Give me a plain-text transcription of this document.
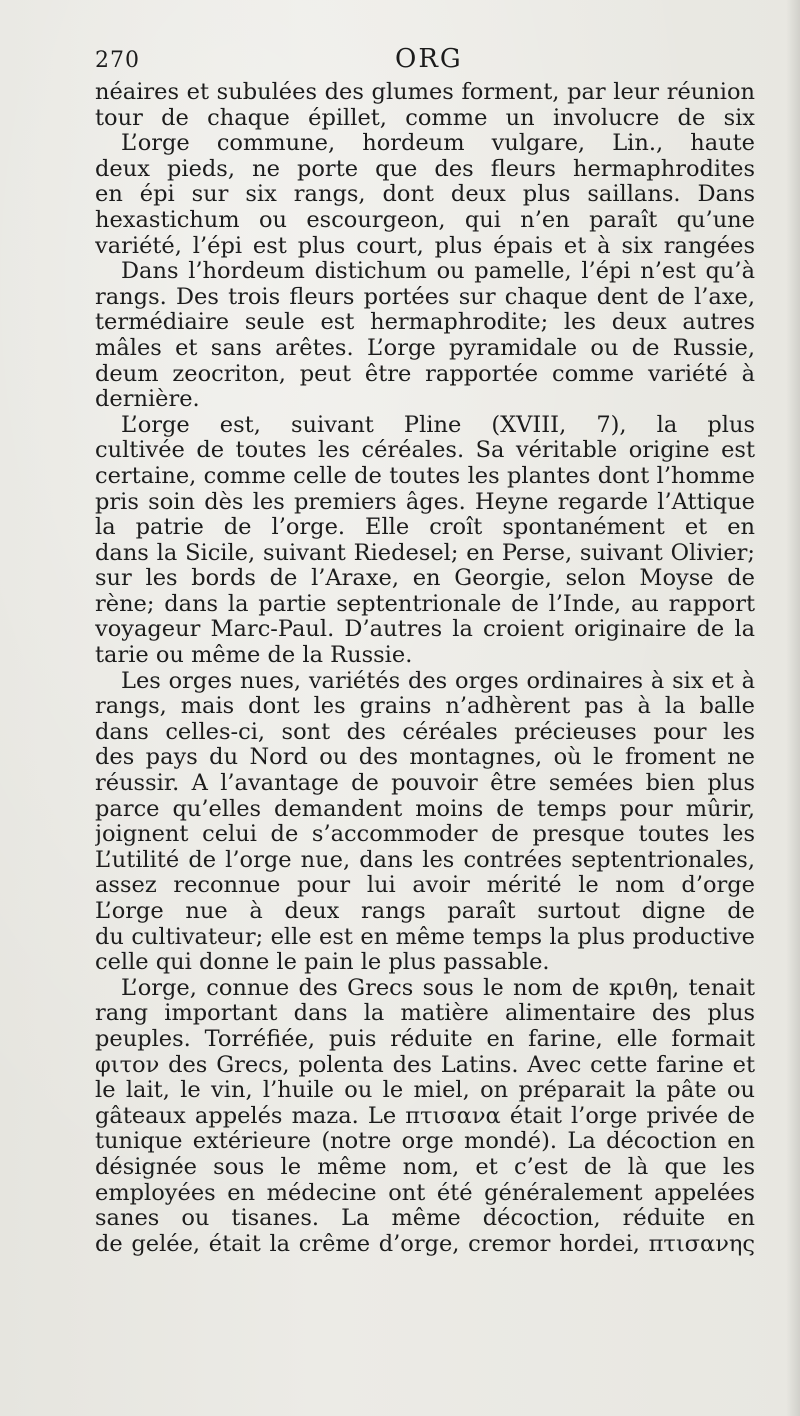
270	ORG
néaires et subulées des glumes forment, par leur réunion
tour de chaque épillet, comme un involucre de six
L’orge commune, hordeum vulgare, Lin., haute
deux pieds, ne porte que des fleurs hermaphrodites
en épi sur six rangs, dont deux plus saillans. Dans
hexastichum ou escourgeon, qui n’en paraît qu’une
variété, l’épi est plus court, plus épais et à six rangées
Dans l’hordeum distichum ou pamelle, l’épi n’est qu’à
rangs. Des trois fleurs portées sur chaque dent de l’axe,
termédiaire seule est hermaphrodite; les deux autres
mâles et sans arêtes. L’orge pyramidale ou de Russie,
deum zeocriton, peut être rapportée comme variété à
dernière.
L’orge est, suivant Pline (XVIII, 7), la plus
cultivée de toutes les céréales. Sa véritable origine est
certaine, comme celle de toutes les plantes dont l’homme
pris soin dès les premiers âges. Heyne regarde l’Attique
la patrie de l’orge. Elle croît spontanément et en
dans la Sicile, suivant Riedesel; en Perse, suivant Olivier;
sur les bords de l’Araxe, en Georgie, selon Moyse de
rène; dans la partie septentrionale de l’Inde, au rapport
voyageur Marc-Paul. D’autres la croient originaire de la
tarie ou même de la Russie.
Les orges nues, variétés des orges ordinaires à six et à
rangs, mais dont les grains n’adhèrent pas à la balle
dans celles-ci, sont des céréales précieuses pour les
des pays du Nord ou des montagnes, où le froment ne
réussir. A l’avantage de pouvoir être semées bien plus
parce qu’elles demandent moins de temps pour mûrir,
joignent celui de s’accommoder de presque toutes les
L’utilité de l’orge nue, dans les contrées septentrionales,
assez reconnue pour lui avoir mérité le nom d’orge
L’orge nue à deux rangs paraît surtout digne de
du cultivateur; elle est en même temps la plus productive
celle qui donne le pain le plus passable.
L’orge, connue des Grecs sous le nom de κριθη, tenait
rang important dans la matière alimentaire des plus
peuples. Torréfiée, puis réduite en farine, elle formait
φιτον des Grecs, polenta des Latins. Avec cette farine et
le lait, le vin, l’huile ou le miel, on préparait la pâte ou
gâteaux appelés maza. Le πτισανα était l’orge privée de
tunique extérieure (notre orge mondé). La décoction en
désignée sous le même nom, et c’est de là que les
employées en médecine ont été généralement appelées
sanes ou tisanes. La même décoction, réduite en
de gelée, était la crême d’orge, cremor hordei, πτισανης
